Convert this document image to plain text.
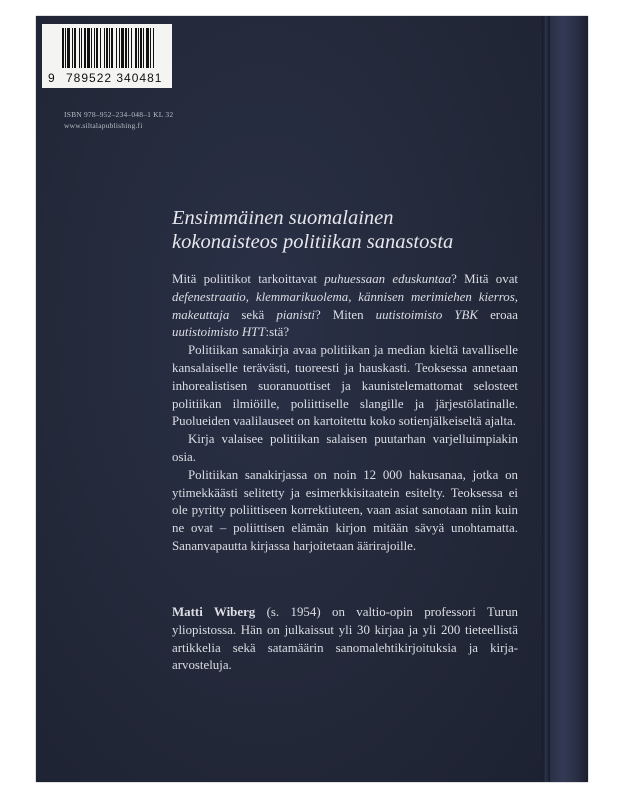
9 789522 340481
ISBN 978–952–234–048–1 KL 32
www.siltalapublishing.fi
Ensimmäinen suomalainen
kokonaisteos politiikan sanastosta

Mitä poliitikot tarkoittavat puhuessaan eduskuntaa? Mitä ovat defenestraatio, klemmarikuolema, kännisen merimiehen kierros, makeuttaja sekä pianisti? Miten uutistoimisto YBK eroaa uutistoimisto HTT:stä?

Politiikan sanakirja avaa politiikan ja median kieltä tavalliselle kansalaiselle terävästi, tuoreesti ja hauskasti. Teoksessa annetaan inhorealistisen suoranuottiset ja kaunistelemattomat selosteet politiikan ilmiöille, poliittiselle slangille ja järjestölatinalle. Puolueiden vaalilauseet on kartoitettu koko sotienjälkeiseltä ajalta.

Kirja valaisee politiikan salaisen puutarhan varjelluimpiakin osia.

Politiikan sanakirjassa on noin 12 000 hakusanaa, jotka on ytimekkäästi selitetty ja esimerkkisitaatein esitelty. Teoksessa ei ole pyritty poliittiseen korrektiuteen, vaan asiat sanotaan niin kuin ne ovat – poliittisen elämän kirjon mitään sävyä unohtamatta. Sananvapautta kirjassa harjoitetaan äärirajoille.

Matti Wiberg (s. 1954) on valtio-opin professori Turun yliopistossa. Hän on julkaissut yli 30 kirjaa ja yli 200 tieteellistä artikkelia sekä satamäärin sanomalehtikirjoituksia ja kirja-arvosteluja.
